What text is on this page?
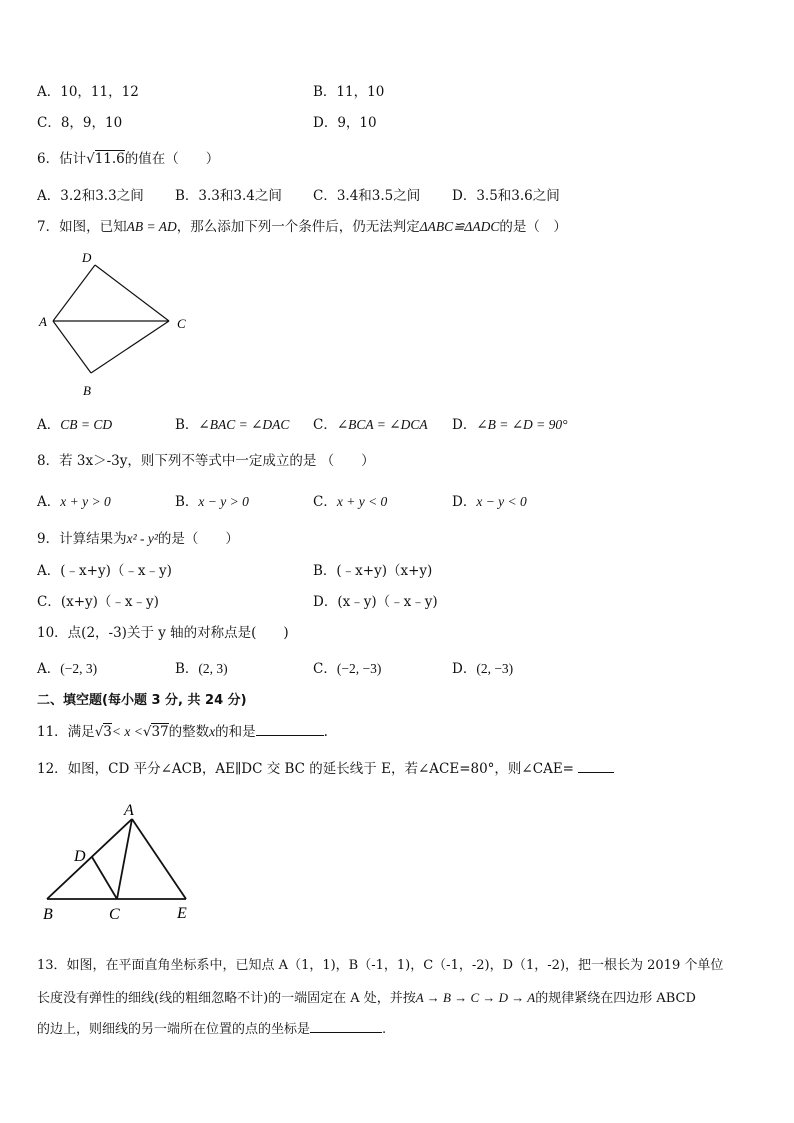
A．10，11，12	B．11，10
C．8，9，10	D．9，10
6．估计√11.6的值在（　　）
A．3.2和3.3之间 B．3.3和3.4之间 C．3.4和3.5之间 D．3.5和3.6之间
7．如图，已知AB = AD，那么添加下列一个条件后，仍无法判定ΔABC≌ΔADC的是（　）
D
A	C
B
A．CB = CD	B．∠BAC = ∠DAC C．∠BCA = ∠DCA D．∠B = ∠D = 90°
8．若 3x＞-3y，则下列不等式中一定成立的是 （　　）
A．x + y > 0	B．x − y > 0	C．x + y < 0	D．x − y < 0
9．计算结果为x² - y²的是（　　）
A．(﹣x+y)（﹣x﹣y)	B．(﹣x+y)（x+y)
C．(x+y)（﹣x﹣y)	D．(x﹣y)（﹣x﹣y)
10．点(2，-3)关于 y 轴的对称点是(　　)
A．(−2, 3)	B．(2, 3)	C．(−2, −3)	D．(2, −3)
二、填空题(每小题 3 分, 共 24 分)
11．满足√3< x <√37的整数x的和是	.
12．如图，CD 平分∠ACB，AE∥DC 交 BC 的延长线于 E，若∠ACE=80°，则∠CAE=
A
D
B	C	E
13．如图，在平面直角坐标系中，已知点 A（1，1)，B（-1，1)，C（-1，-2)，D（1，-2)，把一根长为 2019 个单位
长度没有弹性的细线(线的粗细忽略不计)的一端固定在 A 处，并按A → B → C → D → A的规律紧绕在四边形 ABCD
的边上，则细线的另一端所在位置的点的坐标是	.
